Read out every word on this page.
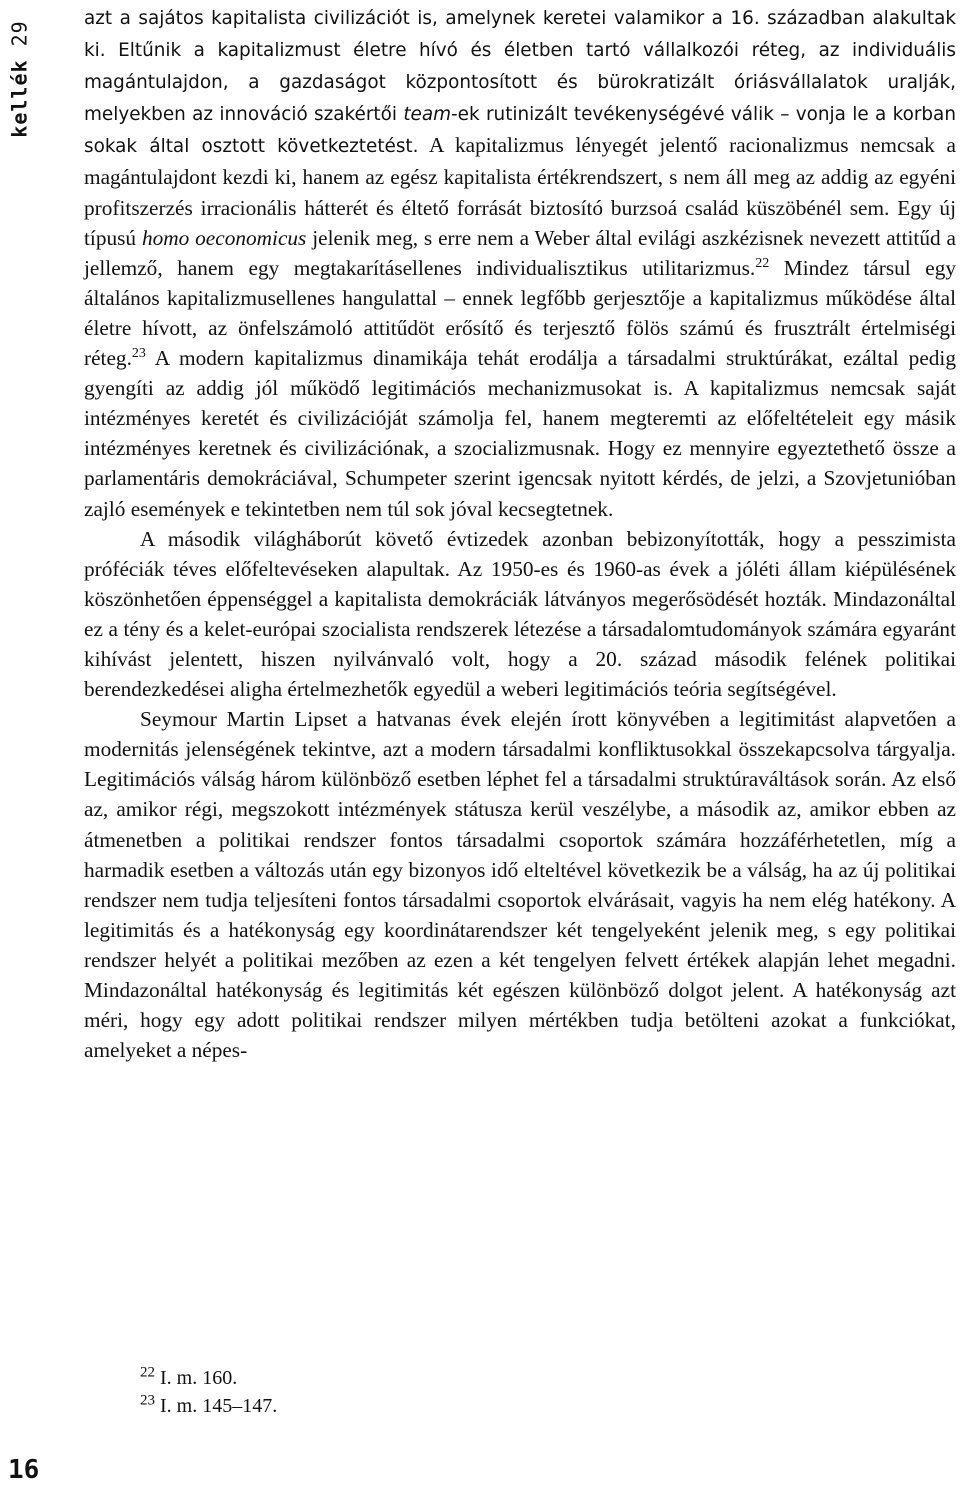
kellék 29

azt a sajátos kapitalista civilizációt is, amelynek keretei valamikor a 16. században alakultak ki. Eltűnik a kapitalizmust életre hívó és életben tartó vállalkozói réteg, az individuális magántulajdon, a gazdaságot központosított és bürokratizált óriásvállalatok uralják, melyekben az innováció szakértői team-ek rutinizált tevékenységévé válik – vonja le a korban sokak által osztott következtetést. A kapitalizmus lényegét jelentő racionalizmus nemcsak a magántulajdont kezdi ki, hanem az egész kapitalista értékrendszert, s nem áll meg az addig az egyéni profitszerzés irracionális hátterét és éltető forrását biztosító burzsoá család küszöbénél sem. Egy új típusú homo oeconomicus jelenik meg, s erre nem a Weber által evilági aszkézisnek nevezett attitűd a jellemző, hanem egy megtakarításellenes individualisztikus utilitarizmus.$^{22}$ Mindez társul egy általános kapitalizmusellenes hangulattal – ennek legfőbb gerjesztője a kapitalizmus működése által életre hívott, az önfelszámoló attitűdöt erősítő és terjesztő fölös számú és frusztrált értelmiségi réteg.$^{23}$ A modern kapitalizmus dinamikája tehát erodálja a társadalmi struktúrákat, ezáltal pedig gyengíti az addig jól működő legitimációs mechanizmusokat is. A kapitalizmus nemcsak saját intézményes keretét és civilizációját számolja fel, hanem megteremti az előfeltételeit egy másik intézményes keretnek és civilizációnak, a szocializmusnak. Hogy ez mennyire egyeztethető össze a parlamentáris demokráciával, Schumpeter szerint igencsak nyitott kérdés, de jelzi, a Szovjetunióban zajló események e tekintetben nem túl sok jóval kecsegtetnek.

A második világháborút követő évtizedek azonban bebizonyították, hogy a pesszimista próféciák téves előfeltevéseken alapultak. Az 1950-es és 1960-as évek a jóléti állam kiépülésének köszönhetően éppenséggel a kapitalista demokráciák látványos megerősödését hozták. Mindazonáltal ez a tény és a kelet-európai szocialista rendszerek létezése a társadalomtudományok számára egyaránt kihívást jelentett, hiszen nyilvánvaló volt, hogy a 20. század második felének politikai berendezkedései aligha értelmezhetők egyedül a weberi legitimációs teória segítségével.

Seymour Martin Lipset a hatvanas évek elején írott könyvében a legitimitást alapvetően a modernitás jelenségének tekintve, azt a modern társadalmi konfliktusokkal összekapcsolva tárgyalja. Legitimációs válság három különböző esetben léphet fel a társadalmi struktúraváltások során. Az első az, amikor régi, megszokott intézmények státusza kerül veszélybe, a második az, amikor ebben az átmenetben a politikai rendszer fontos társadalmi csoportok számára hozzáférhetetlen, míg a harmadik esetben a változás után egy bizonyos idő elteltével következik be a válság, ha az új politikai rendszer nem tudja teljesíteni fontos társadalmi csoportok elvárásait, vagyis ha nem elég hatékony. A legitimitás és a hatékonyság egy koordinátarendszer két tengelyeként jelenik meg, s egy politikai rendszer helyét a politikai mezőben az ezen a két tengelyen felvett értékek alapján lehet megadni. Mindazonáltal hatékonyság és legitimitás két egészen különböző dolgot jelent. A hatékonyság azt méri, hogy egy adott politikai rendszer milyen mértékben tudja betölteni azokat a funkciókat, amelyeket a népes-

$^{22}$ I. m. 160.
$^{23}$ I. m. 145–147.
16
